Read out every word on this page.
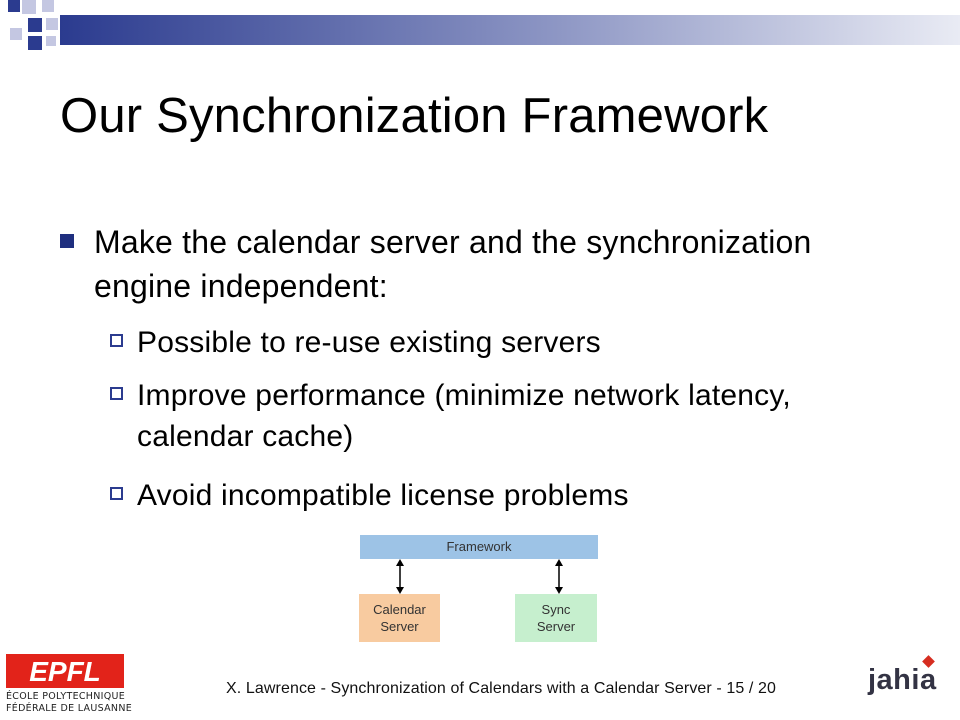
Our Synchronization Framework
Make the calendar server and the synchronization engine independent:
Possible to re-use existing servers
Improve performance (minimize network latency, calendar cache)
Avoid incompatible license problems
Framework
Calendar
Server
Sync
Server
EPFL
ÉCOLE POLYTECHNIQUE
FÉDÉRALE DE LAUSANNE
X. Lawrence - Synchronization of Calendars with a Calendar Server - 15 / 20	jahia
